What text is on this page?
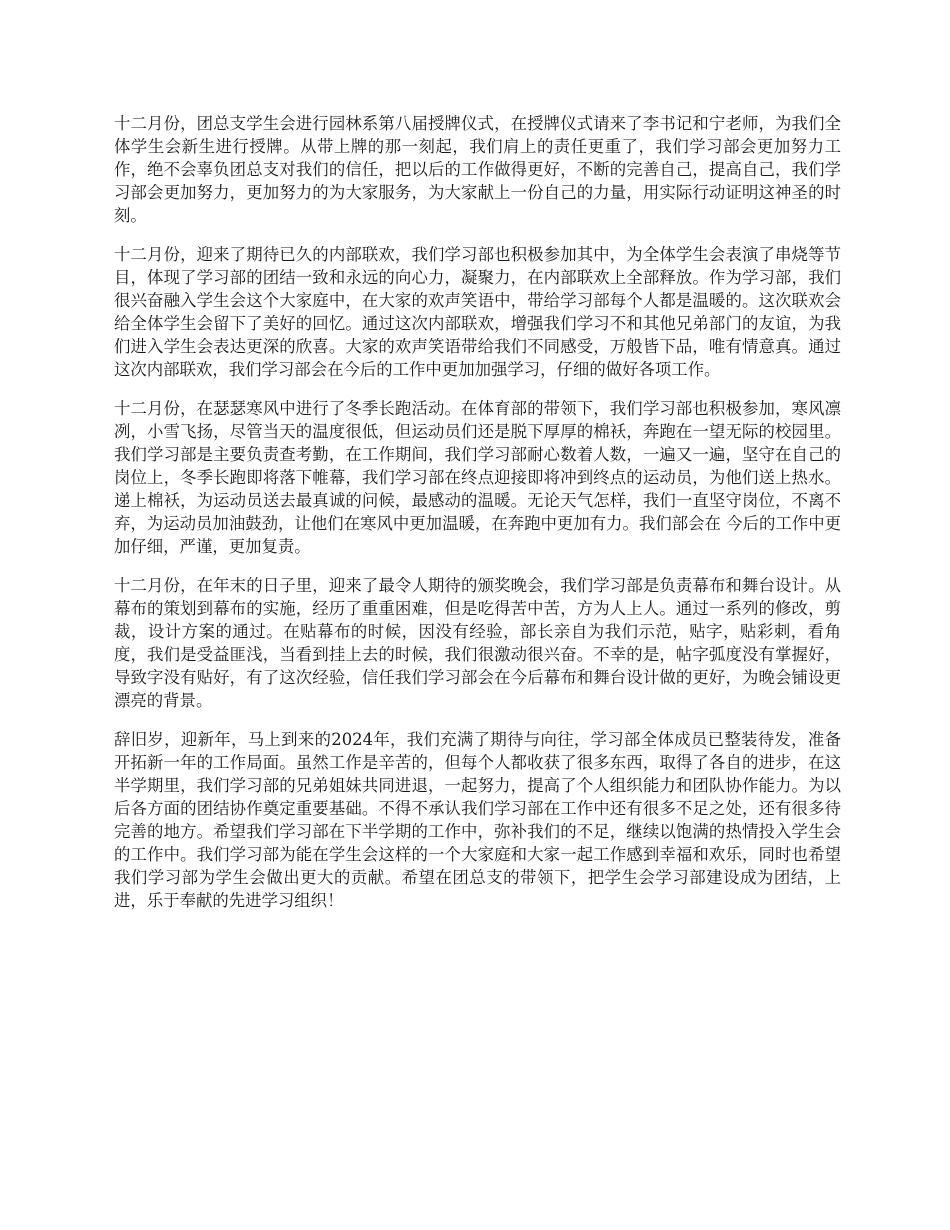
十二月份，团总支学生会进行园林系第八届授牌仪式，在授牌仪式请来了李书记和宁老师，为我们全体学生会新生进行授牌。从带上牌的那一刻起，我们肩上的责任更重了，我们学习部会更加努力工作，绝不会辜负团总支对我们的信任，把以后的工作做得更好，不断的完善自己，提高自己，我们学习部会更加努力，更加努力的为大家服务，为大家献上一份自己的力量，用实际行动证明这神圣的时刻。

十二月份，迎来了期待已久的内部联欢，我们学习部也积极参加其中，为全体学生会表演了串烧等节目，体现了学习部的团结一致和永远的向心力，凝聚力，在内部联欢上全部释放。作为学习部，我们很兴奋融入学生会这个大家庭中，在大家的欢声笑语中，带给学习部每个人都是温暖的。这次联欢会给全体学生会留下了美好的回忆。通过这次内部联欢，增强我们学习不和其他兄弟部门的友谊，为我们进入学生会表达更深的欣喜。大家的欢声笑语带给我们不同感受，万般皆下品，唯有情意真。通过这次内部联欢，我们学习部会在今后的工作中更加加强学习，仔细的做好各项工作。

十二月份，在瑟瑟寒风中进行了冬季长跑活动。在体育部的带领下，我们学习部也积极参加，寒风凛冽，小雪飞扬，尽管当天的温度很低，但运动员们还是脱下厚厚的棉袄，奔跑在一望无际的校园里。我们学习部是主要负责查考勤，在工作期间，我们学习部耐心数着人数，一遍又一遍，坚守在自己的岗位上，冬季长跑即将落下帷幕，我们学习部在终点迎接即将冲到终点的运动员，为他们送上热水。递上棉袄，为运动员送去最真诚的问候，最感动的温暖。无论天气怎样，我们一直坚守岗位，不离不弃，为运动员加油鼓劲，让他们在寒风中更加温暖，在奔跑中更加有力。我们部会在 今后的工作中更加仔细，严谨，更加复责。

十二月份，在年末的日子里，迎来了最令人期待的颁奖晚会，我们学习部是负责幕布和舞台设计。从幕布的策划到幕布的实施，经历了重重困难，但是吃得苦中苦，方为人上人。通过一系列的修改，剪裁，设计方案的通过。在贴幕布的时候，因没有经验，部长亲自为我们示范，贴字，贴彩刺，看角度，我们是受益匪浅，当看到挂上去的时候，我们很激动很兴奋。不幸的是，帖字弧度没有掌握好，导致字没有贴好，有了这次经验，信任我们学习部会在今后幕布和舞台设计做的更好，为晚会铺设更漂亮的背景。

辞旧岁，迎新年，马上到来的2024年，我们充满了期待与向往，学习部全体成员已整装待发，准备开拓新一年的工作局面。虽然工作是辛苦的，但每个人都收获了很多东西，取得了各自的进步，在这半学期里，我们学习部的兄弟姐妹共同进退，一起努力，提高了个人组织能力和团队协作能力。为以后各方面的团结协作奠定重要基础。不得不承认我们学习部在工作中还有很多不足之处，还有很多待完善的地方。希望我们学习部在下半学期的工作中，弥补我们的不足，继续以饱满的热情投入学生会的工作中。我们学习部为能在学生会这样的一个大家庭和大家一起工作感到幸福和欢乐，同时也希望我们学习部为学生会做出更大的贡献。希望在团总支的带领下，把学生会学习部建设成为团结，上进，乐于奉献的先进学习组织！
